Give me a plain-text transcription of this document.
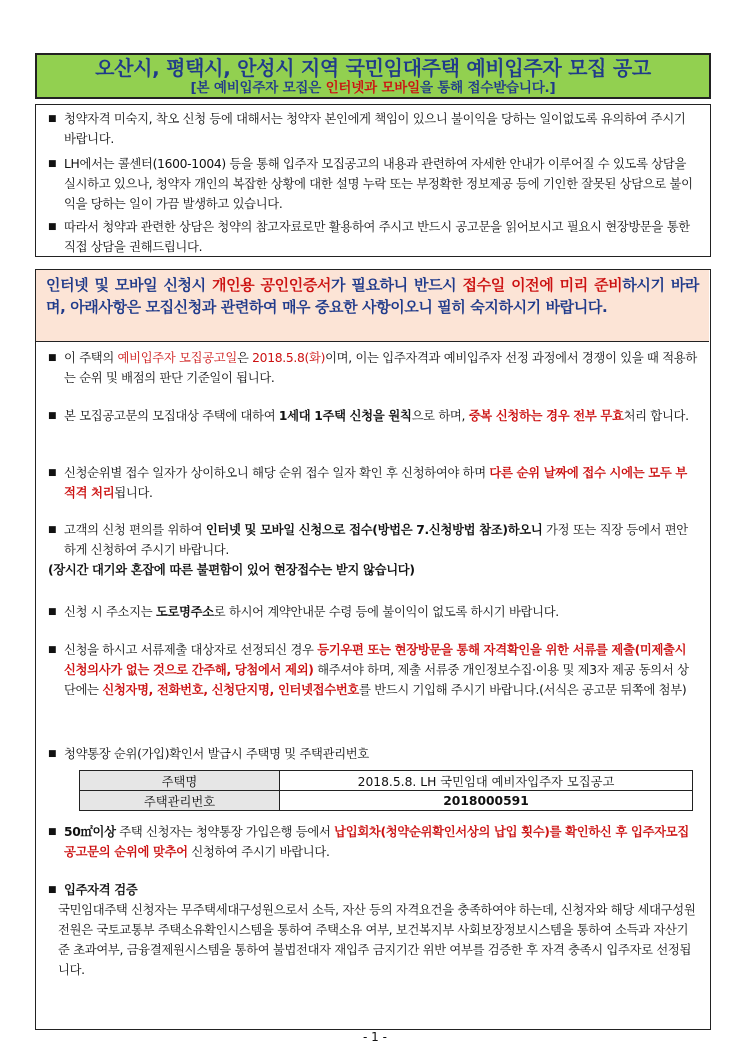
오산시, 평택시, 안성시 지역 국민임대주택 예비입주자 모집 공고
[본 예비입주자 모집은 인터넷과 모바일을 통해 접수받습니다.]
■ 청약자격 미숙지, 착오 신청 등에 대해서는 청약자 본인에게 책임이 있으니 불이익을 당하는 일이없도록 유의하여 주시기 바랍니다.
■ LH에서는 콜센터(1600-1004) 등을 통해 입주자 모집공고의 내용과 관련하여 자세한 안내가 이루어질 수 있도록 상담을 실시하고 있으나, 청약자 개인의 복잡한 상황에 대한 설명 누락 또는 부정확한 정보제공 등에 기인한 잘못된 상담으로 불이익을 당하는 일이 가끔 발생하고 있습니다.
■ 따라서 청약과 관련한 상담은 청약의 참고자료로만 활용하여 주시고 반드시 공고문을 읽어보시고 필요시 현장방문을 통한 직접 상담을 권해드립니다.
인터넷 및 모바일 신청시 개인용 공인인증서가 필요하니 반드시 접수일 이전에 미리 준비하시기 바라며, 아래사항은 모집신청과 관련하여 매우 중요한 사항이오니 필히 숙지하시기 바랍니다.
■ 이 주택의 예비입주자 모집공고일은 2018.5.8(화)이며, 이는 입주자격과 예비입주자 선정 과정에서 경쟁이 있을 때 적용하는 순위 및 배점의 판단 기준일이 됩니다.
■ 본 모집공고문의 모집대상 주택에 대하여 1세대 1주택 신청을 원칙으로 하며, 중복 신청하는 경우 전부 무효처리 합니다.
■ 신청순위별 접수 일자가 상이하오니 해당 순위 접수 일자 확인 후 신청하여야 하며 다른 순위 날짜에 접수 시에는 모두 부적격 처리됩니다.
■ 고객의 신청 편의를 위하여 인터넷 및 모바일 신청으로 접수(방법은 7.신청방법 참조)하오니 가정 또는 직장 등에서 편안하게 신청하여 주시기 바랍니다.
(장시간 대기와 혼잡에 따른 불편함이 있어 현장접수는 받지 않습니다)
■ 신청 시 주소지는 도로명주소로 하시어 계약안내문 수령 등에 불이익이 없도록 하시기 바랍니다.
■ 신청을 하시고 서류제출 대상자로 선정되신 경우 등기우편 또는 현장방문을 통해 자격확인을 위한 서류를 제출(미제출시 신청의사가 없는 것으로 간주해, 당첨에서 제외) 해주셔야 하며, 제출 서류중 개인정보수집·이용 및 제3자 제공 동의서 상단에는 신청자명, 전화번호, 신청단지명, 인터넷접수번호를 반드시 기입해 주시기 바랍니다.(서식은 공고문 뒤쪽에 첨부)
■ 청약통장 순위(가입)확인서 발급시 주택명 및 주택관리번호
■ 50㎡이상 주택 신청자는 청약통장 가입은행 등에서 납입회차(청약순위확인서상의 납입 횟수)를 확인하신 후 입주자모집 공고문의 순위에 맞추어 신청하여 주시기 바랍니다.
■ 입주자격 검증
국민임대주택 신청자는 무주택세대구성원으로서 소득, 자산 등의 자격요건을 충족하여야 하는데, 신청자와 해당 세대구성원 전원은 국토교통부 주택소유확인시스템을 통하여 주택소유 여부, 보건복지부 사회보장정보시스템을 통하여 소득과 자산기준 초과여부, 금융결제원시스템을 통하여 불법전대자 재입주 금지기간 위반 여부를 검증한 후 자격 충족시 입주자로 선정됩니다.
주택명	2018.5.8. LH 국민임대 예비자입주자 모집공고
주택관리번호	2018000591
- 1 -
